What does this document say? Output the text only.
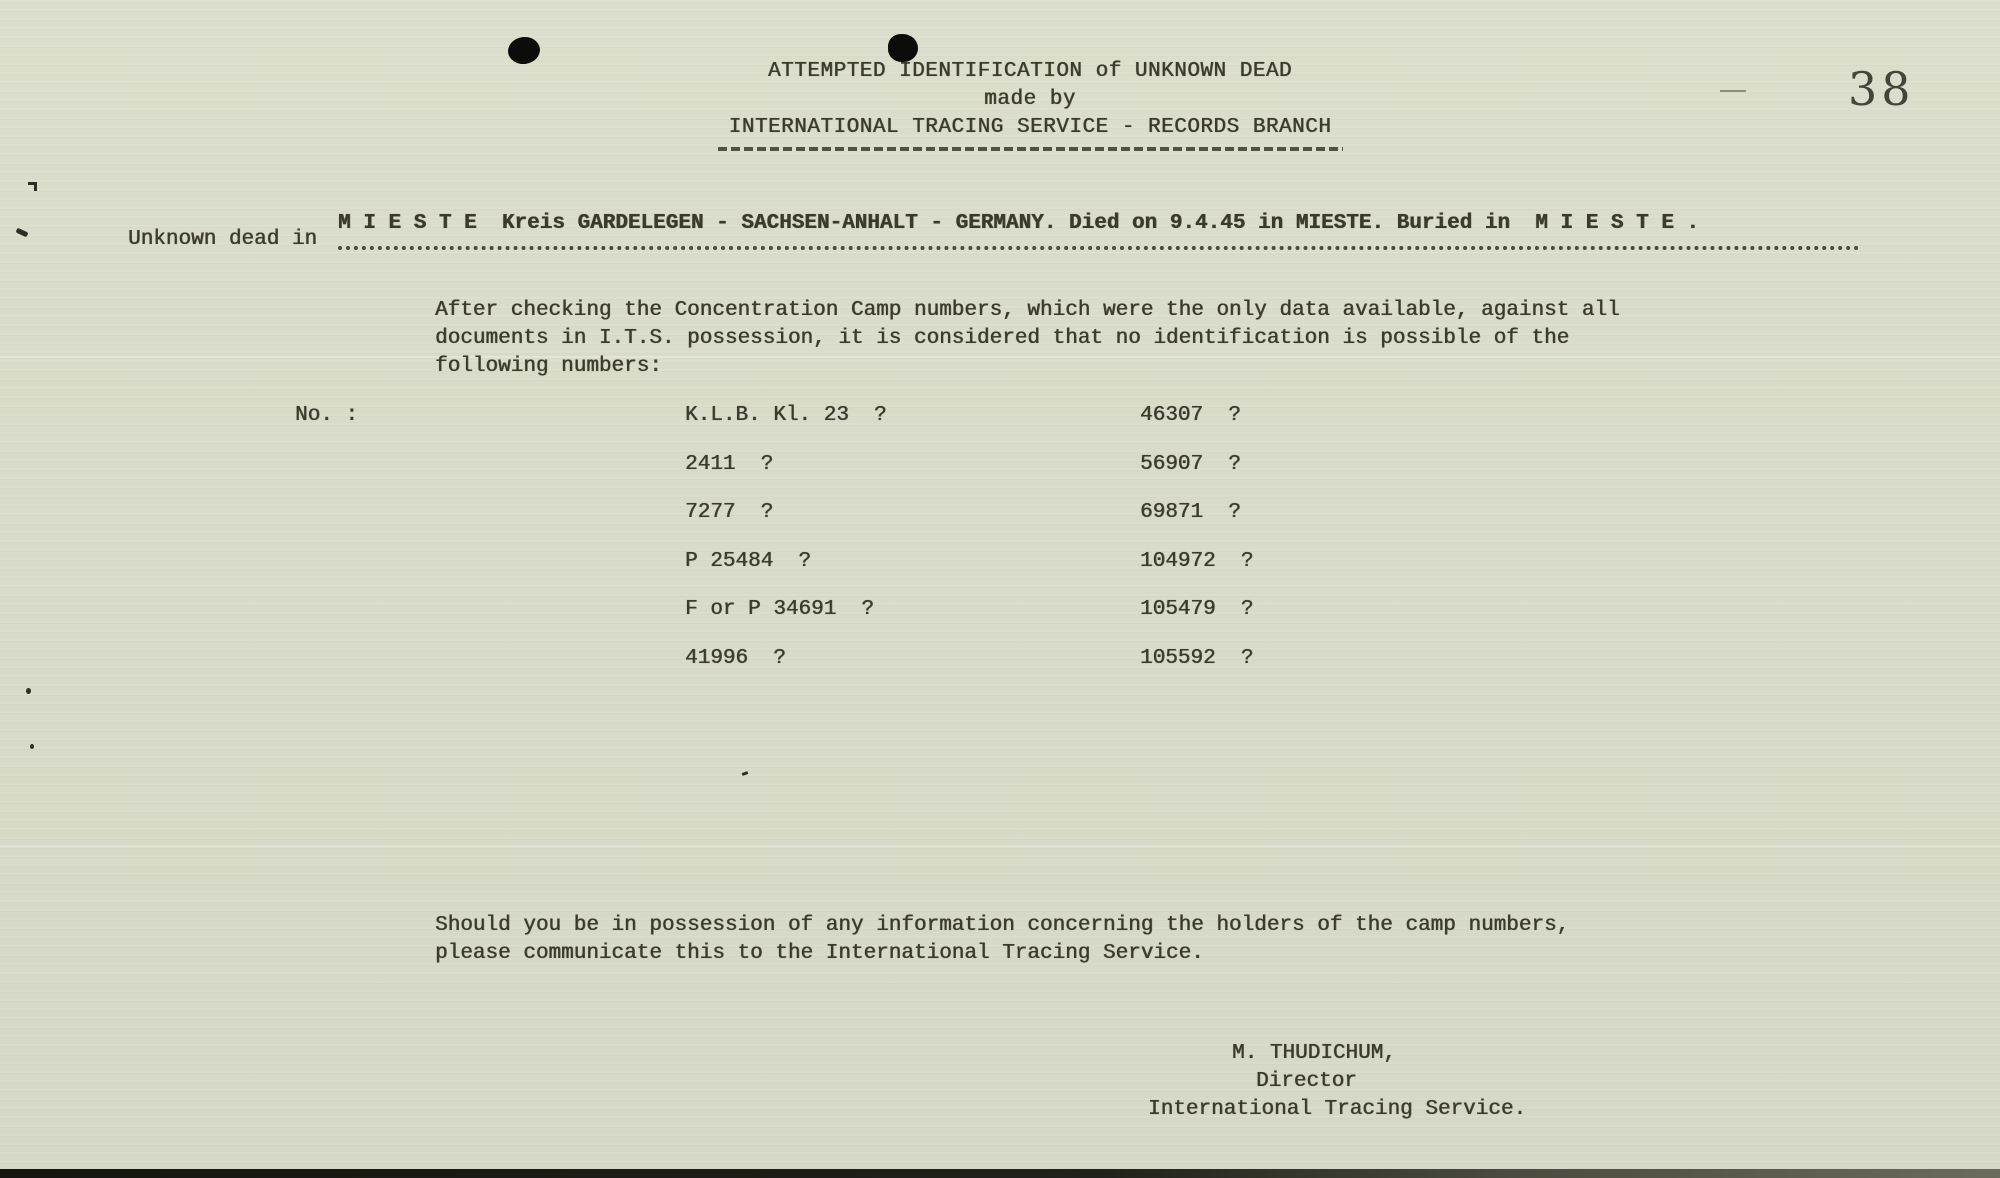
38
ATTEMPTED IDENTIFICATION of UNKNOWN DEAD
made by
INTERNATIONAL TRACING SERVICE - RECORDS BRANCH
Unknown dead in
M I E S T E  Kreis GARDELEGEN - SACHSEN-ANHALT - GERMANY. Died on 9.4.45 in MIESTE. Buried in  M I E S T E .
After checking the Concentration Camp numbers, which were the only data available, against all
documents in I.T.S. possession, it is considered that no identification is possible of the
following numbers:
No. :	K.L.B. Kl. 23  ?
2411  ?
7277  ?
P 25484  ?
F or P 34691  ?
41996  ?
46307  ?
56907  ?
69871  ?
104972  ?
105479  ?
105592  ?
Should you be in possession of any information concerning the holders of the camp numbers,
please communicate this to the International Tracing Service.
M. THUDICHUM,
Director
International Tracing Service.
